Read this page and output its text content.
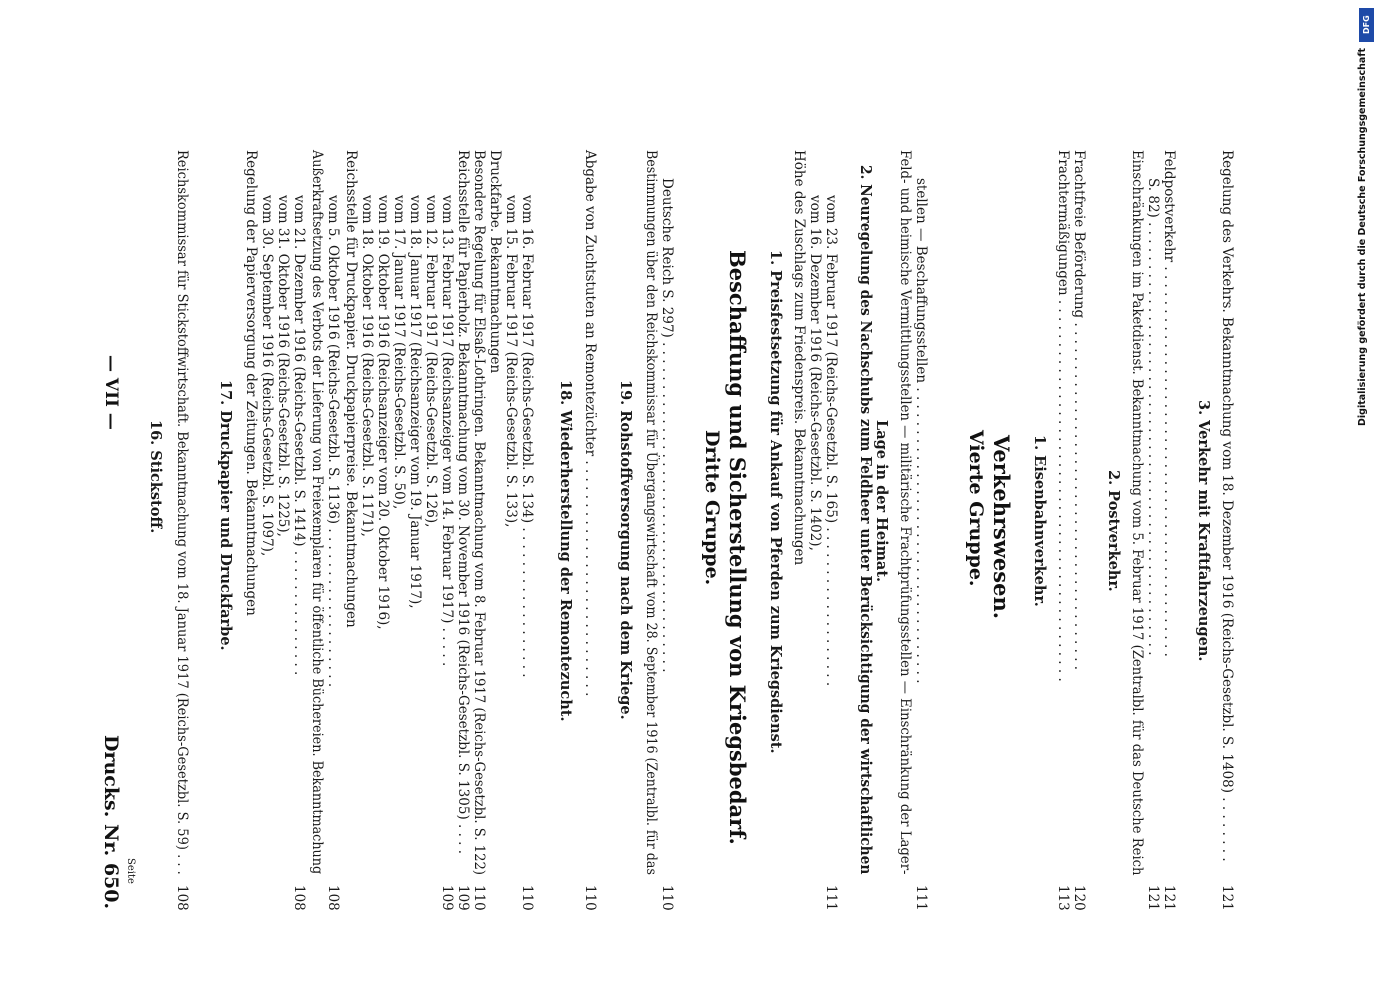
— VII —
Drucks. Nr. 650. Seite
16. Stickstoff. Reichskommissar für Stickstoffwirtschaft. Bekanntmachung vom 18. Januar 1917 (Reichs-Gesetzbl. S. 59) . . .
108
17. Druckpapier und Druckfarbe. Regelung der Papierversorgung der Zeitungen. Bekanntmachungen vom 30. September 1916 (Reichs-Gesetzbl. S. 1097), vom 31. Oktober 1916 (Reichs-Gesetzbl. S. 1225), vom 21. Dezember 1916 (Reichs-Gesetzbl. S. 1414) . . . . . . . . . . . . . . .
108
Außerkraftsetzung des Verbots der Lieferung von Freiexemplaren für öffentliche Büchereien. Bekanntmachung vom 5. Oktober 1916 (Reichs-Gesetzbl. S. 1136) . . . . . . . . . . . . . . . . . . .
108
Reichsstelle für Druckpapier. Druckpapierpreise. Bekanntmachungen vom 18. Oktober 1916 (Reichs-Gesetzbl. S. 1171), vom 19. Oktober 1916 (Reichsanzeiger vom 20. Oktober 1916), vom 17. Januar 1917 (Reichs-Gesetzbl. S. 50), vom 18. Januar 1917 (Reichsanzeiger vom 19. Januar 1917), vom 12. Februar 1917 (Reichs-Gesetzbl. S. 126), vom 13. Februar 1917 (Reichsanzeiger vom 14. Februar 1917) . . . . .
109
Reichsstelle für Papierholz. Bekanntmachung vom 30. November 1916 (Reichs-Gesetzbl. S. 1305) . . . .
109
Besondere Regelung für Elsaß-Lothringen. Bekanntmachung vom 8. Februar 1917 (Reichs-Gesetzbl. S. 122)
110
Druckfarbe. Bekanntmachungen vom 15. Februar 1917 (Reichs-Gesetzbl. S. 133), vom 16. Februar 1917 (Reichs-Gesetzbl. S. 134) . . . . . . . . . . . . . . . . . .
110
18. Wiederherstellung der Remontezucht. Abgabe von Zuchtstuten an Remontezüchter . . . . . . . . . . . . . . . . . . . . . . . . . . . .
110
19. Rohstoffversorgung nach dem Kriege. Bestimmungen über den Reichskommissar für Übergangswirtschaft vom 28. September 1916 (Zentralbl. für das Deutsche Reich S. 297) . . . . . . . . . . . . . . . . . . . . . . . . . . . . . . . . . . . . . . .
110
Dritte Gruppe. Beschaffung und Sicherstellung von Kriegsbedarf. 1. Preisfestsetzung für Ankauf von Pferden zum Kriegsdienst. Höhe des Zuschlags zum Friedenspreis. Bekanntmachungen vom 16. Dezember 1916 (Reichs-Gesetzbl. S. 1402), vom 23. Februar 1917 (Reichs-Gesetzbl. S. 165) . . . . . . . . . . . . . . . . . . .
111
2. Neuregelung des Nachschubs zum Feldheer unter Berücksichtigung der wirtschaftlichen Lage in der Heimat. Feld- und heimische Vermittlungsstellen — militärische Frachtprüfungsstellen — Einschränkung der Lager- stellen — Beschaffungsstellen . . . . . . . . . . . . . . . . . . . . . . . . . . . . . . . . . . .
111
Vierte Gruppe. Verkehrswesen. 1. Eisenbahnverkehr. Frachtermäßigungen . . . . . . . . . . . . . . . . . . . . . . . . . . . . . . . . . . . . . . . . . . . . .
113
Frachtfreie Beförderung . . . . . . . . . . . . . . . . . . . . . . . . . . . . . . . . . . . . . . . . .
120
2. Postverkehr. Einschränkungen im Paketdienst. Bekanntmachung vom 5. Februar 1917 (Zentralbl. für das Deutsche Reich S. 82) . . . . . . . . . . . . . . . . . . . . . . . . . . . . . . . . . . . . . . . . . . . . . . . . . . .
121
Feldpostverkehr . . . . . . . . . . . . . . . . . . . . . . . . . . . . . . . . . . . . . . . . . . . . . .
121
3. Verkehr mit Kraftfahrzeugen. Regelung des Verkehrs. Bekanntmachung vom 18. Dezember 1916 (Reichs-Gesetzbl. S. 1408) . . . . . . . .
121
DFG
Digitalisierung gefördert durch die Deutsche Forschungsgemeinschaft
